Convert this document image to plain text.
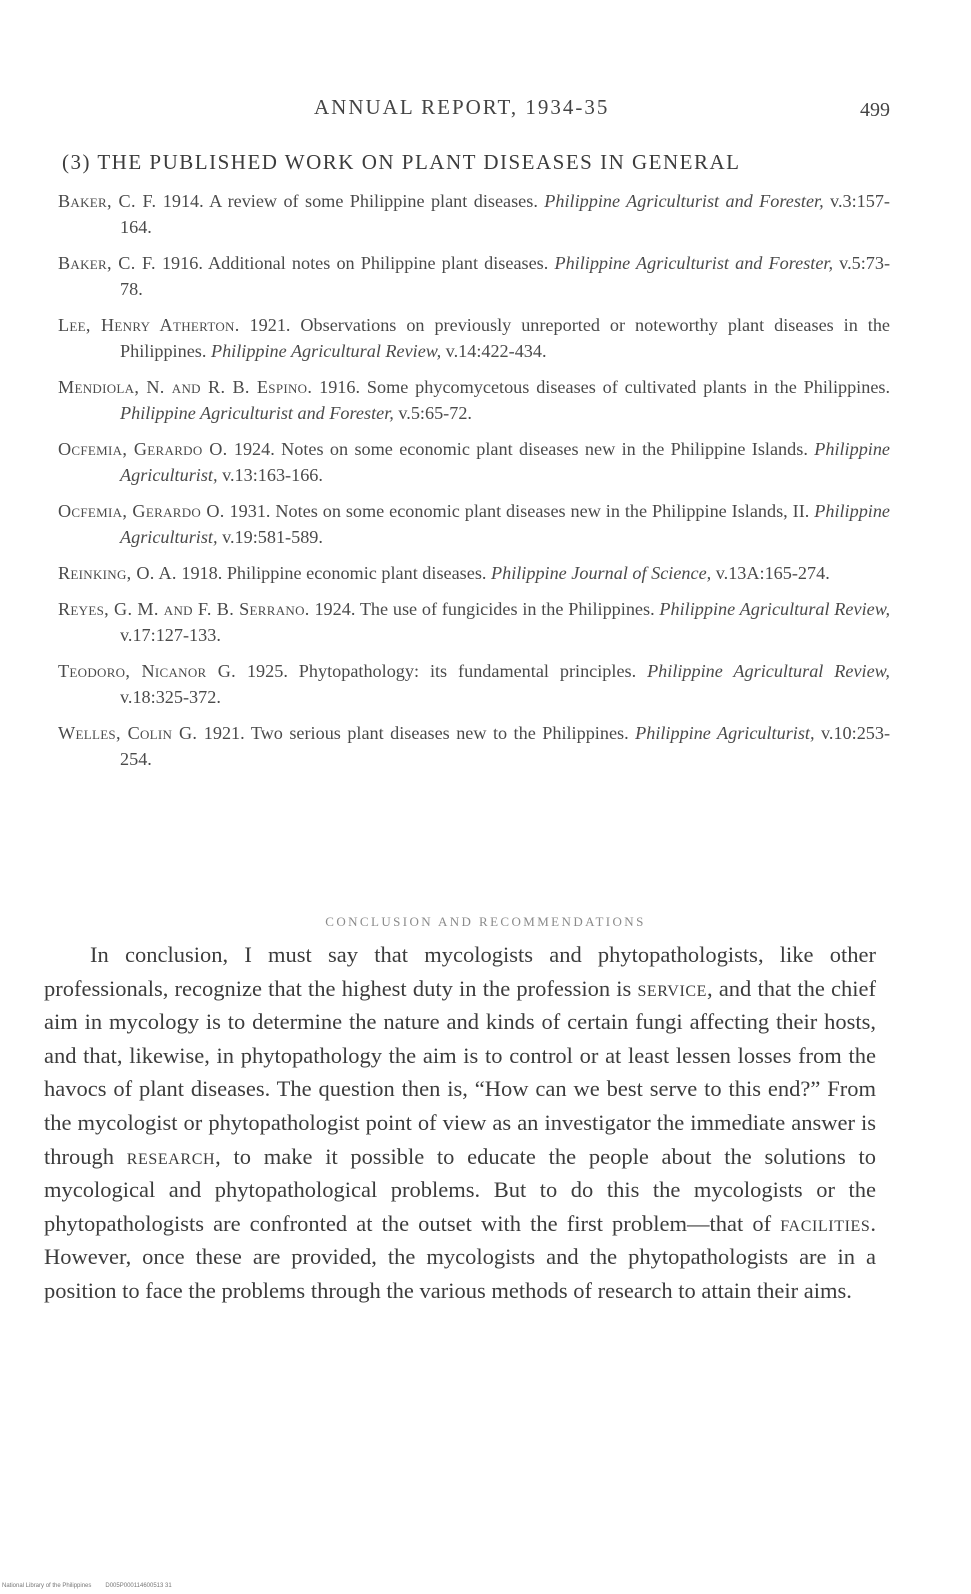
ANNUAL REPORT, 1934-35	499
(3) THE PUBLISHED WORK ON PLANT DISEASES IN GENERAL

Baker, C. F. 1914. A review of some Philippine plant diseases. Philippine Agriculturist and Forester, v.3:157-164.

Baker, C. F. 1916. Additional notes on Philippine plant diseases. Philippine Agriculturist and Forester, v.5:73-78.

Lee, Henry Atherton. 1921. Observations on previously unreported or noteworthy plant diseases in the Philippines. Philippine Agricultural Review, v.14:422-434.

Mendiola, N. and R. B. Espino. 1916. Some phycomycetous diseases of cultivated plants in the Philippines. Philippine Agriculturist and Forester, v.5:65-72.

Ocfemia, Gerardo O. 1924. Notes on some economic plant diseases new in the Philippine Islands. Philippine Agriculturist, v.13:163-166.

Ocfemia, Gerardo O. 1931. Notes on some economic plant diseases new in the Philippine Islands, II. Philippine Agriculturist, v.19:581-589.

Reinking, O. A. 1918. Philippine economic plant diseases. Philippine Journal of Science, v.13A:165-274.

Reyes, G. M. and F. B. Serrano. 1924. The use of fungicides in the Philippines. Philippine Agricultural Review, v.17:127-133.

Teodoro, Nicanor G. 1925. Phytopathology: its fundamental principles. Philippine Agricultural Review, v.18:325-372.

Welles, Colin G. 1921. Two serious plant diseases new to the Philippines. Philippine Agriculturist, v.10:253-254.

CONCLUSION AND RECOMMENDATIONS

In conclusion, I must say that mycologists and phytopathologists, like other professionals, recognize that the highest duty in the profession is service, and that the chief aim in mycology is to determine the nature and kinds of certain fungi affecting their hosts, and that, likewise, in phytopathology the aim is to control or at least lessen losses from the havocs of plant diseases. The question then is, “How can we best serve to this end?” From the mycologist or phytopathologist point of view as an investigator the immediate answer is through research, to make it possible to educate the people about the solutions to mycological and phytopathological problems. But to do this the mycologists or the phytopathologists are confronted at the outset with the first problem—that of facilities. However, once these are provided, the mycologists and the phytopathologists are in a position to face the problems through the various methods of research to attain their aims.

National Library of the Philippines D005P000114600513 31
